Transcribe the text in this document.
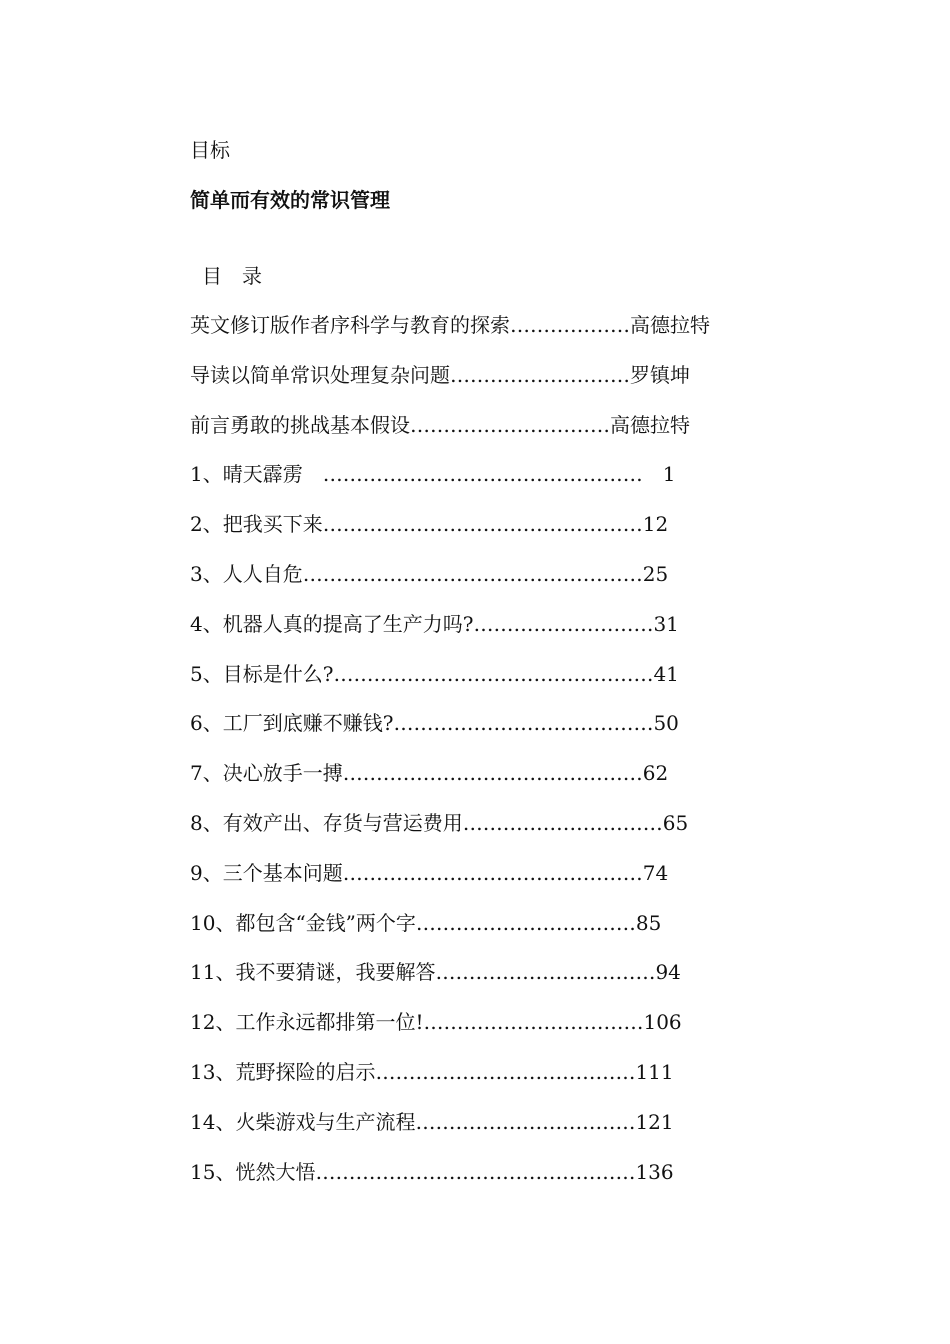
目标
简单而有效的常识管理
目　录
英文修订版作者序科学与教育的探索………………高德拉特
导读以简单常识处理复杂问题………………………罗镇坤
前言勇敢的挑战基本假设…………………………高德拉特
1、晴天霹雳　…………………………………………　1
2、把我买下来…………………………………………12
3、人人自危……………………………………………25
4、机器人真的提高了生产力吗?………………………31
5、目标是什么?…………………………………………41
6、工厂到底赚不赚钱?…………………………………50
7、决心放手一搏………………………………………62
8、有效产出、存货与营运费用…………………………65
9、三个基本问题………………………………………74
10、都包含“金钱”两个字……………………………85
11、我不要猜谜，我要解答……………………………94
12、工作永远都排第一位!……………………………106
13、荒野探险的启示…………………………………111
14、火柴游戏与生产流程……………………………121
15、恍然大悟…………………………………………136
